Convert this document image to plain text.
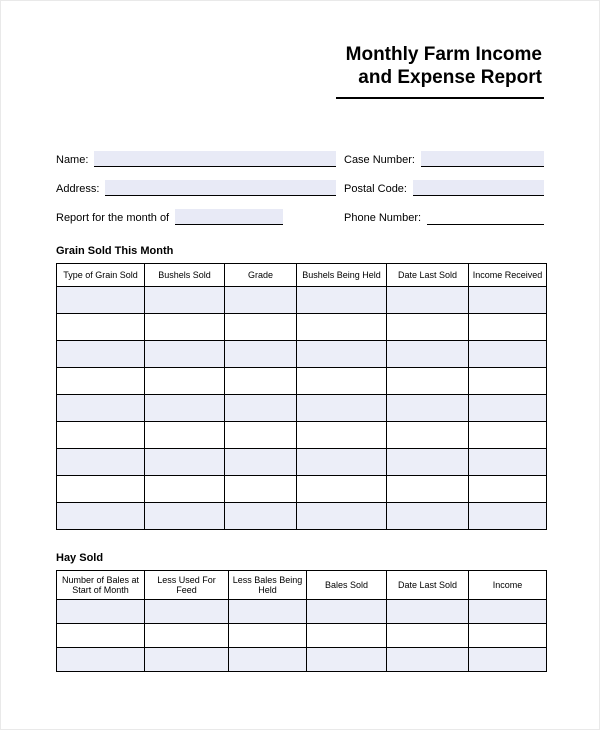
Monthly Farm Income
and Expense Report
Name:	Case Number:
Address:	Postal Code:
Report for the month of	Phone Number:
Grain Sold This Month
Type of Grain Sold	Bushels Sold	Grade	Bushels Being Held	Date Last Sold	Income Received

Hay Sold
Number of Bales at Start of Month	Less Used For Feed	Less Bales Being Held	Bales Sold	Date Last Sold	Income
